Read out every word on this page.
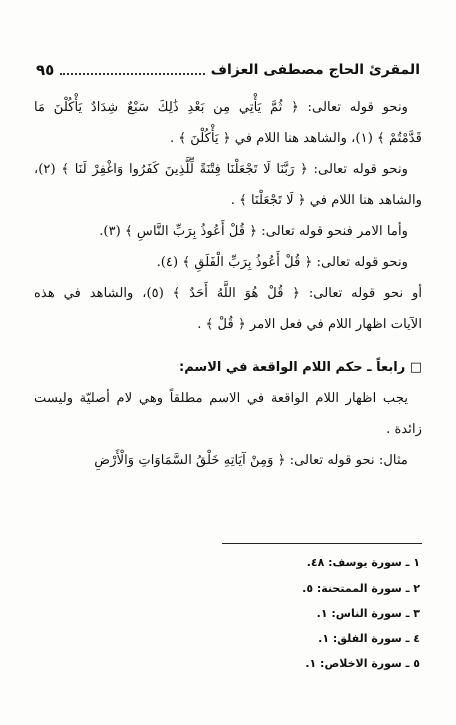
المقرئ الحاج مصطفى العزاف
٩٥
ونحو قوله تعالى: ﴿ ثُمَّ يَأْتِي مِن بَعْدِ ذَٰلِكَ سَبْعٌ شِدَادٌ يَأْكُلْنَ مَا
قَدَّمْتُمْ ﴾ (١)، والشاهد هنا اللام في ﴿ يَأْكُلْنَ ﴾ .
ونحو قوله تعالى: ﴿ رَبَّنَا لَا تَجْعَلْنَا فِتْنَةً لِّلَّذِينَ كَفَرُوا وَاغْفِرْ لَنَا ﴾ (٢)،
والشاهد هنا اللام في ﴿ لَا تَجْعَلْنَا ﴾ .
وأما الامر فنحو قوله تعالى: ﴿ قُلْ أَعُوذُ بِرَبِّ النَّاسِ ﴾ (٣).
ونحو قوله تعالى: ﴿ قُلْ أَعُوذُ بِرَبِّ الْفَلَقِ ﴾ (٤).
أو نحو قوله تعالى: ﴿ قُلْ هُوَ اللَّهُ أَحَدٌ ﴾ (٥)، والشاهد في هذه
الآيات اظهار اللام في فعل الامر ﴿ قُلْ ﴾ .
□ رابعاً ـ حكم اللام الواقعة في الاسم:
يجب اظهار اللام الواقعة في الاسم مطلقاً وهي لام أصليّة وليست
زائدة .
مثال: نحو قوله تعالى: ﴿ وَمِنْ آيَاتِهِ خَلْقُ السَّمَاوَاتِ وَالْأَرْضِ
١ ـ سورة يوسف: ٤٨.
٢ ـ سورة الممتحنة: ٥.
٣ ـ سورة الناس: ١.
٤ ـ سورة الفلق: ١.
٥ ـ سورة الاخلاص: ١.
